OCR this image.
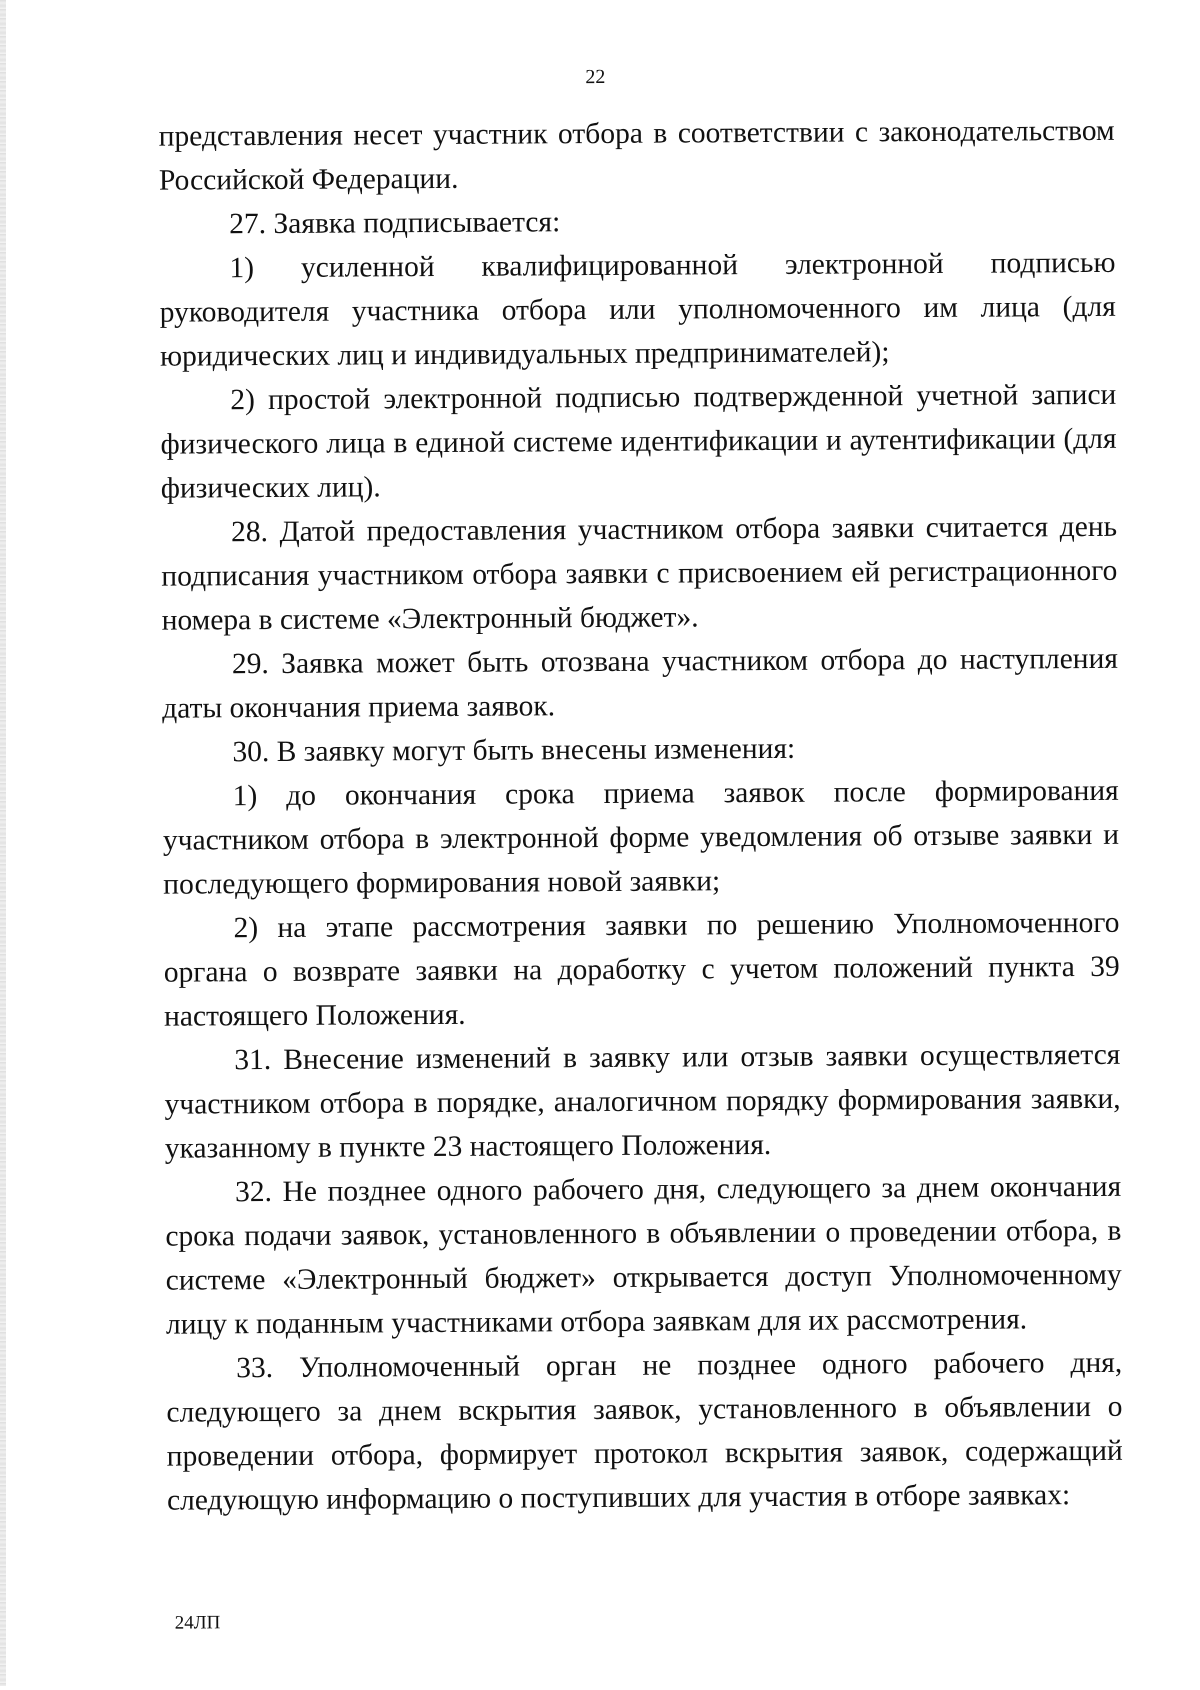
22

представления несет участник отбора в соответствии с законодательством Российской Федерации.

27. Заявка подписывается:

1) усиленной квалифицированной электронной подписью руководителя участника отбора или уполномоченного им лица (для юридических лиц и индивидуальных предпринимателей);

2) простой электронной подписью подтвержденной учетной записи физического лица в единой системе идентификации и аутентификации (для физических лиц).

28. Датой предоставления участником отбора заявки считается день подписания участником отбора заявки с присвоением ей регистрационного номера в системе «Электронный бюджет».

29. Заявка может быть отозвана участником отбора до наступления даты окончания приема заявок.

30. В заявку могут быть внесены изменения:

1) до окончания срока приема заявок после формирования участником отбора в электронной форме уведомления об отзыве заявки и последующего формирования новой заявки;

2) на этапе рассмотрения заявки по решению Уполномоченного органа о возврате заявки на доработку с учетом положений пункта 39 настоящего Положения.

31. Внесение изменений в заявку или отзыв заявки осуществляется участником отбора в порядке, аналогичном порядку формирования заявки, указанному в пункте 23 настоящего Положения.

32. Не позднее одного рабочего дня, следующего за днем окончания срока подачи заявок, установленного в объявлении о проведении отбора, в системе «Электронный бюджет» открывается доступ Уполномоченному лицу к поданным участниками отбора заявкам для их рассмотрения.

33. Уполномоченный орган не позднее одного рабочего дня, следующего за днем вскрытия заявок, установленного в объявлении о проведении отбора, формирует протокол вскрытия заявок, содержащий следующую информацию о поступивших для участия в отборе заявках:

24ЛП
